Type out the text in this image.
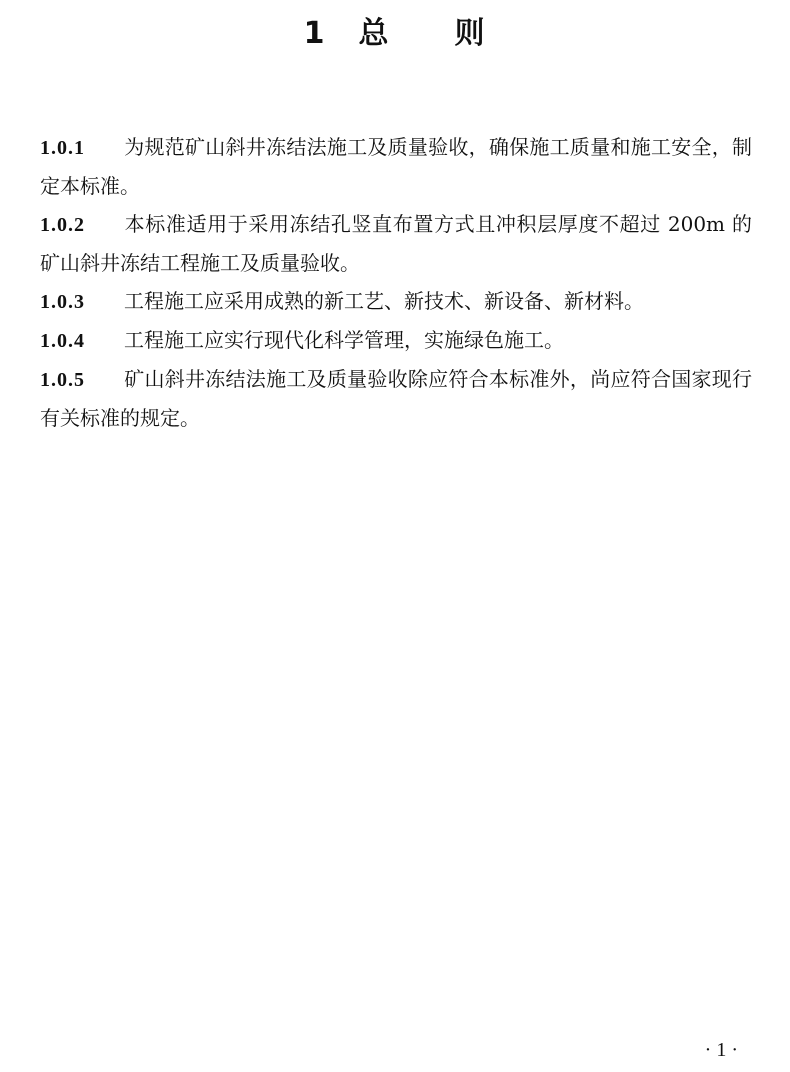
1 总 则

1.0.1 为规范矿山斜井冻结法施工及质量验收，确保施工质量和施工安全，制定本标准。

1.0.2 本标准适用于采用冻结孔竖直布置方式且冲积层厚度不超过 200m 的矿山斜井冻结工程施工及质量验收。

1.0.3 工程施工应采用成熟的新工艺、新技术、新设备、新材料。

1.0.4 工程施工应实行现代化科学管理，实施绿色施工。

1.0.5 矿山斜井冻结法施工及质量验收除应符合本标准外，尚应符合国家现行有关标准的规定。

· 1 ·
